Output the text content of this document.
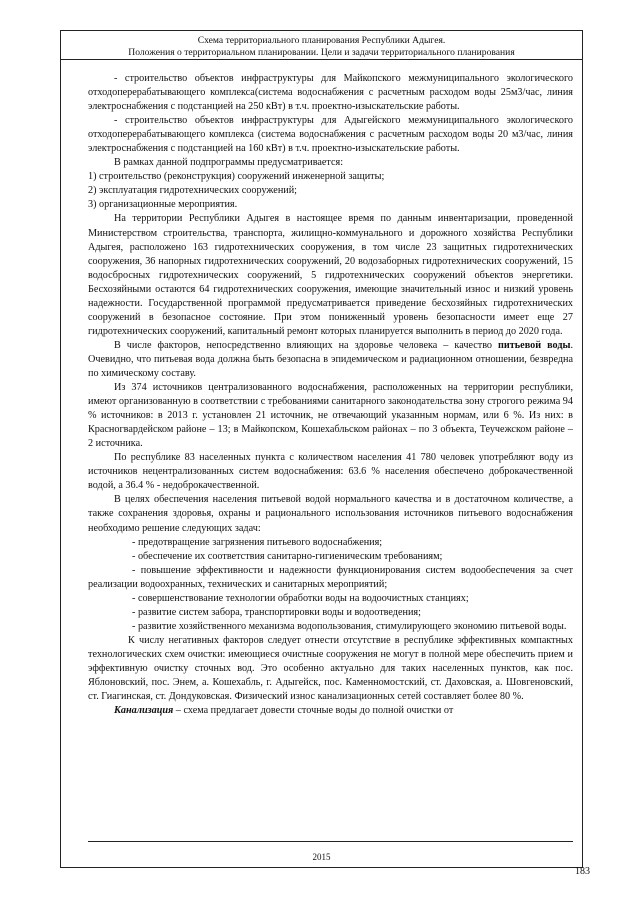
Схема территориального планирования Республики Адыгея.
Положения о территориальном планировании. Цели и задачи территориального планирования

- строительство объектов инфраструктуры для Майкопского межмуниципального экологического отходоперерабатывающего комплекса(система водоснабжения с расчетным расходом воды 25м3/час, линия электроснабжения с подстанцией на 250 кВт) в т.ч. проектно-изыскательские работы.

- строительство объектов инфраструктуры для Адыгейского межмуниципального экологического отходоперерабатывающего комплекса (система водоснабжения с расчетным расходом воды 20 м3/час, линия электроснабжения с подстанцией на 160 кВт) в т.ч. проектно-изыскательские работы.

В рамках данной подпрограммы предусматривается:

1) строительство (реконструкция) сооружений инженерной защиты;

2) эксплуатация гидротехнических сооружений;

3) организационные мероприятия.

На территории Республики Адыгея в настоящее время по данным инвентаризации, проведенной Министерством строительства, транспорта, жилищно-коммунального и дорожного хозяйства Республики Адыгея, расположено 163 гидротехнических сооружения, в том числе 23 защитных гидротехнических сооружения, 36 напорных гидротехнических сооружений, 20 водозаборных гидротехнических сооружений, 15 водосбросных гидротехнических сооружений, 5 гидротехнических сооружений объектов энергетики. Бесхозяйными остаются 64 гидротехнических сооружения, имеющие значительный износ и низкий уровень надежности. Государственной программой предусматривается приведение бесхозяйных гидротехнических сооружений в безопасное состояние. При этом пониженный уровень безопасности имеет еще 27 гидротехнических сооружений, капитальный ремонт которых планируется выполнить в период до 2020 года.

В числе факторов, непосредственно влияющих на здоровье человека – качество питьевой воды. Очевидно, что питьевая вода должна быть безопасна в эпидемическом и радиационном отношении, безвредна по химическому составу.

Из 374 источников централизованного водоснабжения, расположенных на территории республики, имеют организованную в соответствии с требованиями санитарного законодательства зону строгого режима 94 % источников: в 2013 г. установлен 21 источник, не отвечающий указанным нормам, или 6 %. Из них: в Красногвардейском районе – 13; в Майкопском, Кошехабльском районах – по 3 объекта, Теучежском районе – 2 источника.

По республике 83 населенных пункта с количеством населения 41 780 человек употребляют воду из источников нецентрализованных систем водоснабжения: 63.6 % населения обеспечено доброкачественной водой, а 36.4 % - недоброкачественной.

В целях обеспечения населения питьевой водой нормального качества и в достаточном количестве, а также сохранения здоровья, охраны и рационального использования источников питьевого водоснабжения необходимо решение следующих задач:

- предотвращение загрязнения питьевого водоснабжения;

- обеспечение их соответствия санитарно-гигиеническим требованиям;

- повышение эффективности и надежности функционирования систем водообеспечения за счет реализации водоохранных, технических и санитарных мероприятий;

- совершенствование технологии обработки воды на водоочистных станциях;

- развитие систем забора, транспортировки воды и водоотведения;

- развитие хозяйственного механизма водопользования, стимулирующего экономию питьевой воды.

К числу негативных факторов следует отнести отсутствие в республике эффективных компактных технологических схем очистки: имеющиеся очистные сооружения не могут в полной мере обеспечить прием и эффективную очистку сточных вод. Это особенно актуально для таких населенных пунктов, как пос. Яблоновский, пос. Энем, а. Кошехабль, г. Адыгейск, пос. Каменномостский, ст. Даховская, а. Шовгеновский, ст. Гиагинская, ст. Дондуковская. Физический износ канализационных сетей составляет более 80 %.

Канализация – схема предлагает довести сточные воды до полной очистки от

2015
183
